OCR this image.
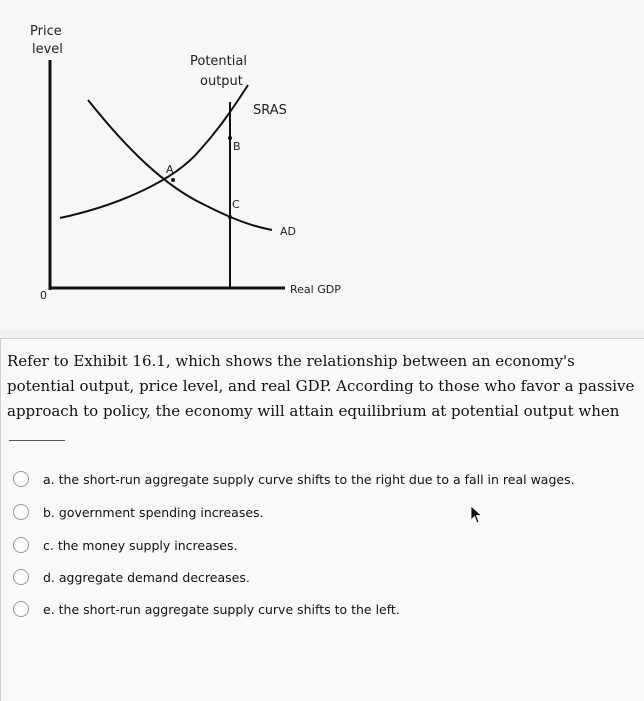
Price
level
Potential
output
SRAS
B
A
C
AD
0	Real GDP
Refer to Exhibit 16.1, which shows the relationship between an economy's
potential output, price level, and real GDP. According to those who favor a passive
approach to policy, the economy will attain equilibrium at potential output when
a. the short-run aggregate supply curve shifts to the right due to a fall in real wages.
b. government spending increases.
c. the money supply increases.
d. aggregate demand decreases.
e. the short-run aggregate supply curve shifts to the left.
